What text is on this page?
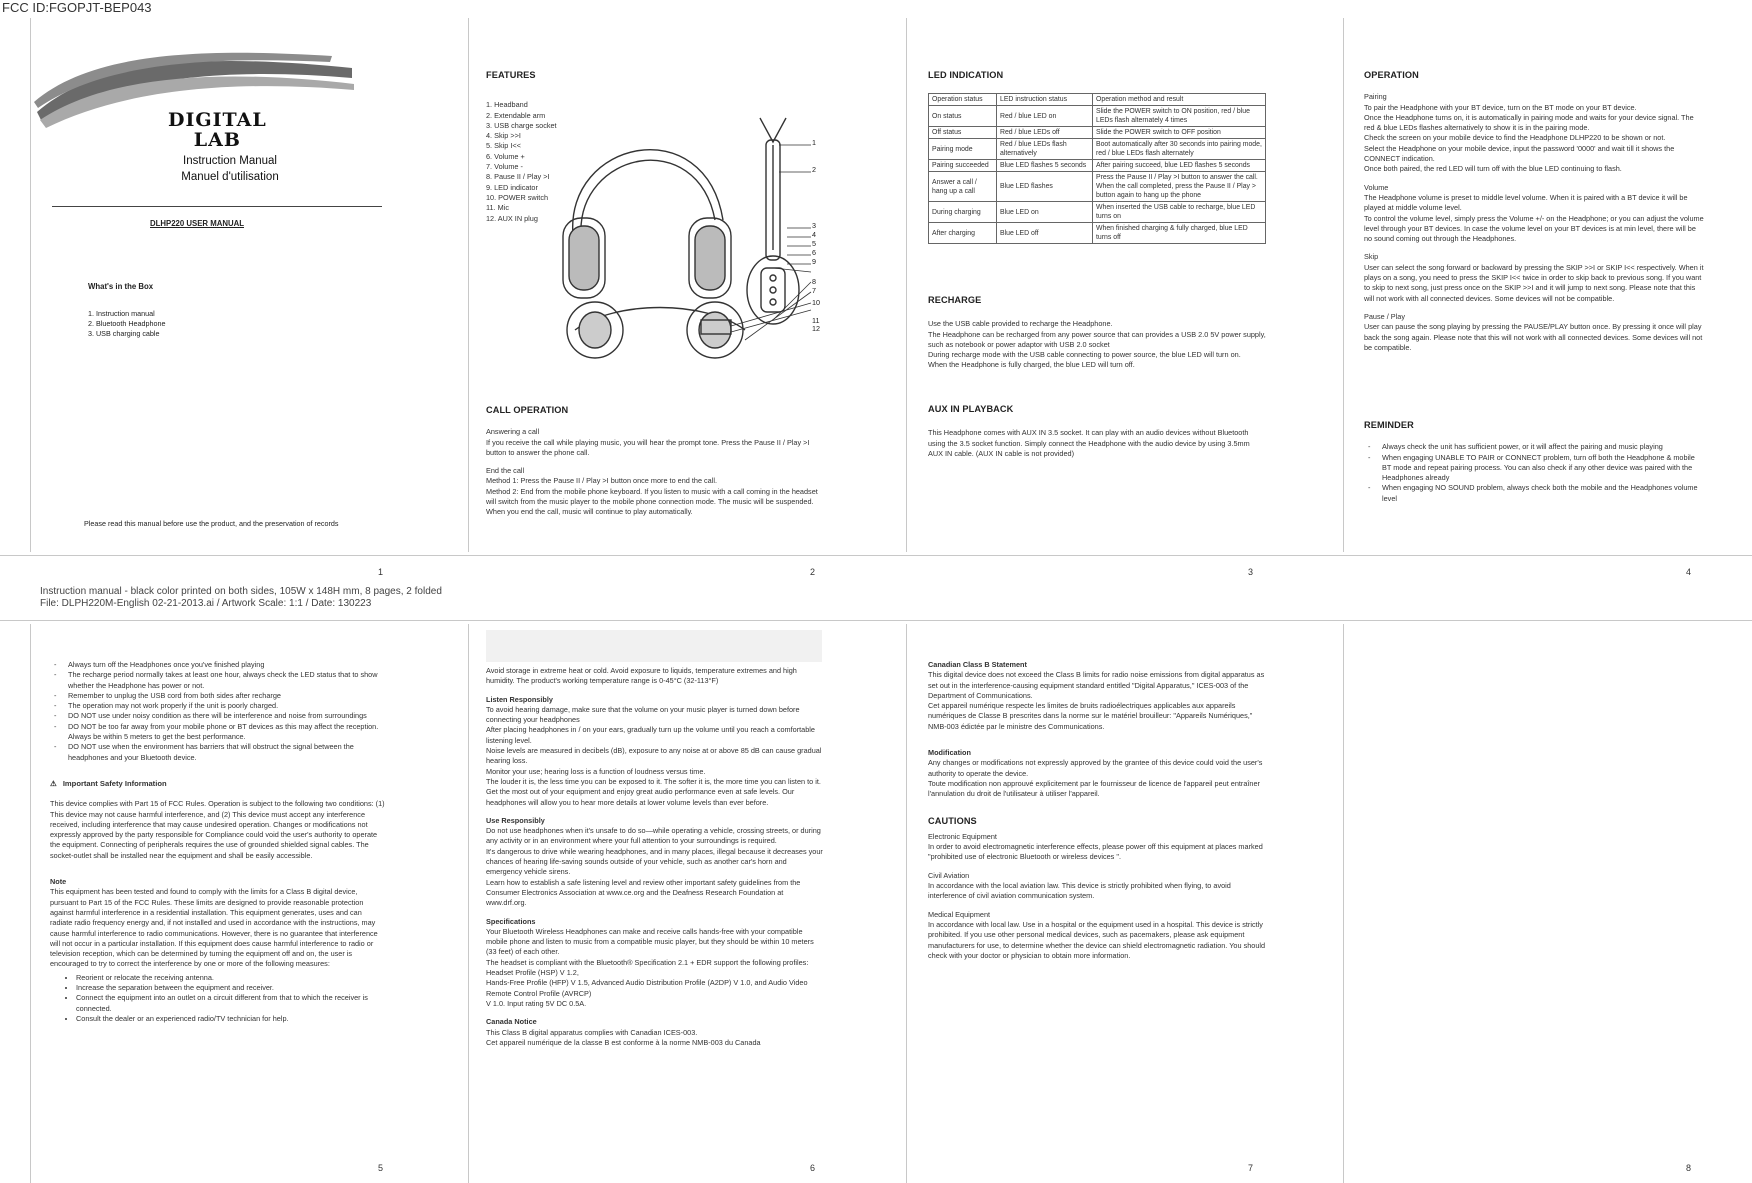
FCC ID:FGOPJT-BEP043
Instruction manual - black color printed on both sides, 105W x 148H mm, 8 pages, 2 folded
File: DLPH220M-English 02-21-2013.ai / Artwork Scale: 1:1 / Date: 130223
DIGITAL
LAB
Instruction Manual
Manuel d'utilisation
DLHP220 USER MANUAL
What's in the Box
1. Instruction manual
2. Bluetooth Headphone
3. USB charging cable
Please read this manual before use the product, and the preservation of records
1
FEATURES
1. Headband
2. Extendable arm
3. USB charge socket
4. Skip >>I
5. Skip I<<
6. Volume +
7. Volume -
8. Pause II / Play >I
9. LED indicator
10. POWER switch
11. Mic
12. AUX IN plug
1
2
3
4
5
6
9
8
7
10
11
12
CALL OPERATION

Answering a call

If you receive the call while playing music, you will hear the prompt tone. Press the Pause II / Play >I button to answer the phone call.

End the call

Method 1: Press the Pause II / Play >I button once more to end the call.

Method 2: End from the mobile phone keyboard. If you listen to music with a call coming in the headset will switch from the music player to the mobile phone connection mode. The music will be suspended. When you end the call, music will continue to play automatically.

2
LED INDICATION
Operation status	LED instruction status	Operation method and result
On status	Red / blue LED on	Slide the POWER switch to ON position, red / blue LEDs flash alternately 4 times
Off status	Red / blue LEDs off	Slide the POWER switch to OFF position
Pairing mode	Red / blue LEDs flash alternatively	Boot automatically after 30 seconds into pairing mode, red / blue LEDs flash alternately
Pairing succeeded	Blue LED flashes 5 seconds	After pairing succeed, blue LED flashes 5 seconds
Answer a call / hang up a call	Blue LED flashes	Press the Pause II / Play >I button to answer the call. When the call completed, press the Pause II / Play > button again to hang up the phone
During charging	Blue LED on	When inserted the USB cable to recharge, blue LED turns on
After charging	Blue LED off	When finished charging & fully charged, blue LED turns off
RECHARGE

Use the USB cable provided to recharge the Headphone.

The Headphone can be recharged from any power source that can provides a USB 2.0 5V power supply, such as notebook or power adaptor with USB 2.0 socket

During recharge mode with the USB cable connecting to power source, the blue LED will turn on.

When the Headphone is fully charged, the blue LED will turn off.

AUX IN PLAYBACK

This Headphone comes with AUX IN 3.5 socket. It can play with an audio devices without Bluetooth using the 3.5 socket function. Simply connect the Headphone with the audio device by using 3.5mm AUX IN cable. (AUX IN cable is not provided)

3
OPERATION

Pairing

To pair the Headphone with your BT device, turn on the BT mode on your BT device.

Once the Headphone turns on, it is automatically in pairing mode and waits for your device signal. The red & blue LEDs flashes alternatively to show it is in the pairing mode.

Check the screen on your mobile device to find the Headphone DLHP220 to be shown or not.

Select the Headphone on your mobile device, input the password '0000' and wait till it shows the CONNECT indication.

Once both paired, the red LED will turn off with the blue LED continuing to flash.

Volume

The Headphone volume is preset to middle level volume. When it is paired with a BT device it will be played at middle volume level.

To control the volume level, simply press the Volume +/- on the Headphone; or you can adjust the volume level through your BT devices. In case the volume level on your BT devices is at min level, there will be no sound coming out through the Headphones.

Skip

User can select the song forward or backward by pressing the SKIP >>I or SKIP I<< respectively. When it plays on a song, you need to press the SKIP I<< twice in order to skip back to previous song. If you want to skip to next song, just press once on the SKIP >>I and it will jump to next song. Please note that this will not work with all connected devices. Some devices will not be compatible.

Pause / Play

User can pause the song playing by pressing the PAUSE/PLAY button once. By pressing it once will play back the song again. Please note that this will not work with all connected devices. Some devices will not be compatible.

REMINDER
- Always check the unit has sufficient power, or it will affect the pairing and music playing
- When engaging UNABLE TO PAIR or CONNECT problem, turn off both the Headphone & mobile BT mode and repeat pairing process. You can also check if any other device was paired with the Headphones already
- When engaging NO SOUND problem, always check both the mobile and the Headphones volume level
4
- Always turn off the Headphones once you've finished playing
- The recharge period normally takes at least one hour, always check the LED status that to show whether the Headphone has power or not.
- Remember to unplug the USB cord from both sides after recharge
- The operation may not work properly if the unit is poorly charged.
- DO NOT use under noisy condition as there will be interference and noise from surroundings
- DO NOT be too far away from your mobile phone or BT devices as this may affect the reception. Always be within 5 meters to get the best performance.
- DO NOT use when the environment has barriers that will obstruct the signal between the headphones and your Bluetooth device.
⚠ Important Safety Information

This device complies with Part 15 of FCC Rules. Operation is subject to the following two conditions: (1) This device may not cause harmful interference, and (2) This device must accept any interference received, including interference that may cause undesired operation. Changes or modifications not expressly approved by the party responsible for Compliance could void the user's authority to operate the equipment. Connecting of peripherals requires the use of grounded shielded signal cables. The socket-outlet shall be installed near the equipment and shall be easily accessible.

Note

This equipment has been tested and found to comply with the limits for a Class B digital device, pursuant to Part 15 of the FCC Rules. These limits are designed to provide reasonable protection against harmful interference in a residential installation. This equipment generates, uses and can radiate radio frequency energy and, if not installed and used in accordance with the instructions, may cause harmful interference to radio communications. However, there is no guarantee that interference will not occur in a particular installation. If this equipment does cause harmful interference to radio or television reception, which can be determined by turning the equipment off and on, the user is encouraged to try to correct the interference by one or more of the following measures:

• Reorient or relocate the receiving antenna.
• Increase the separation between the equipment and receiver.
• Connect the equipment into an outlet on a circuit different from that to which the receiver is connected.
• Consult the dealer or an experienced radio/TV technician for help.
5

Avoid storage in extreme heat or cold. Avoid exposure to liquids, temperature extremes and high humidity. The product's working temperature range is 0-45°C (32-113°F)

Listen Responsibly

To avoid hearing damage, make sure that the volume on your music player is turned down before connecting your headphones

After placing headphones in / on your ears, gradually turn up the volume until you reach a comfortable listening level.

Noise levels are measured in decibels (dB), exposure to any noise at or above 85 dB can cause gradual hearing loss.

Monitor your use; hearing loss is a function of loudness versus time.

The louder it is, the less time you can be exposed to it. The softer it is, the more time you can listen to it.

Get the most out of your equipment and enjoy great audio performance even at safe levels. Our headphones will allow you to hear more details at lower volume levels than ever before.

Use Responsibly

Do not use headphones when it's unsafe to do so—while operating a vehicle, crossing streets, or during any activity or in an environment where your full attention to your surroundings is required.

It's dangerous to drive while wearing headphones, and in many places, illegal because it decreases your chances of hearing life-saving sounds outside of your vehicle, such as another car's horn and emergency vehicle sirens.

Learn how to establish a safe listening level and review other important safety guidelines from the Consumer Electronics Association at www.ce.org and the Deafness Research Foundation at www.drf.org.

Specifications

Your Bluetooth Wireless Headphones can make and receive calls hands-free with your compatible mobile phone and listen to music from a compatible music player, but they should be within 10 meters (33 feet) of each other.

The headset is compliant with the Bluetooth® Specification 2.1 + EDR support the following profiles: Headset Profile (HSP) V 1.2,

Hands-Free Profile (HFP) V 1.5, Advanced Audio Distribution Profile (A2DP) V 1.0, and Audio Video Remote Control Profile (AVRCP)

V 1.0. Input rating 5V DC 0.5A.

Canada Notice

This Class B digital apparatus complies with Canadian ICES-003.

Cet appareil numérique de la classe B est conforme à la norme NMB-003 du Canada

6

Canadian Class B Statement

This digital device does not exceed the Class B limits for radio noise emissions from digital apparatus as set out in the interference-causing equipment standard entitled "Digital Apparatus," ICES-003 of the Department of Communications.

Cet appareil numérique respecte les limites de bruits radioélectriques applicables aux appareils numériques de Classe B prescrites dans la norme sur le matériel brouilleur: "Appareils Numériques," NMB-003 édictée par le ministre des Communications.

Modification

Any changes or modifications not expressly approved by the grantee of this device could void the user's authority to operate the device.

Toute modification non approuvé explicitement par le fournisseur de licence de l'appareil peut entraîner l'annulation du droit de l'utilisateur à utiliser l'appareil.

CAUTIONS

Electronic Equipment

In order to avoid electromagnetic interference effects, please power off this equipment at places marked "prohibited use of electronic Bluetooth or wireless devices ".

Civil Aviation

In accordance with the local aviation law. This device is strictly prohibited when flying, to avoid interference of civil aviation communication system.

Medical Equipment

In accordance with local law. Use in a hospital or the equipment used in a hospital. This device is strictly prohibited. If you use other personal medical devices, such as pacemakers, please ask equipment manufacturers for use, to determine whether the device can shield electromagnetic radiation. You should check with your doctor or physician to obtain more information.

7	8
